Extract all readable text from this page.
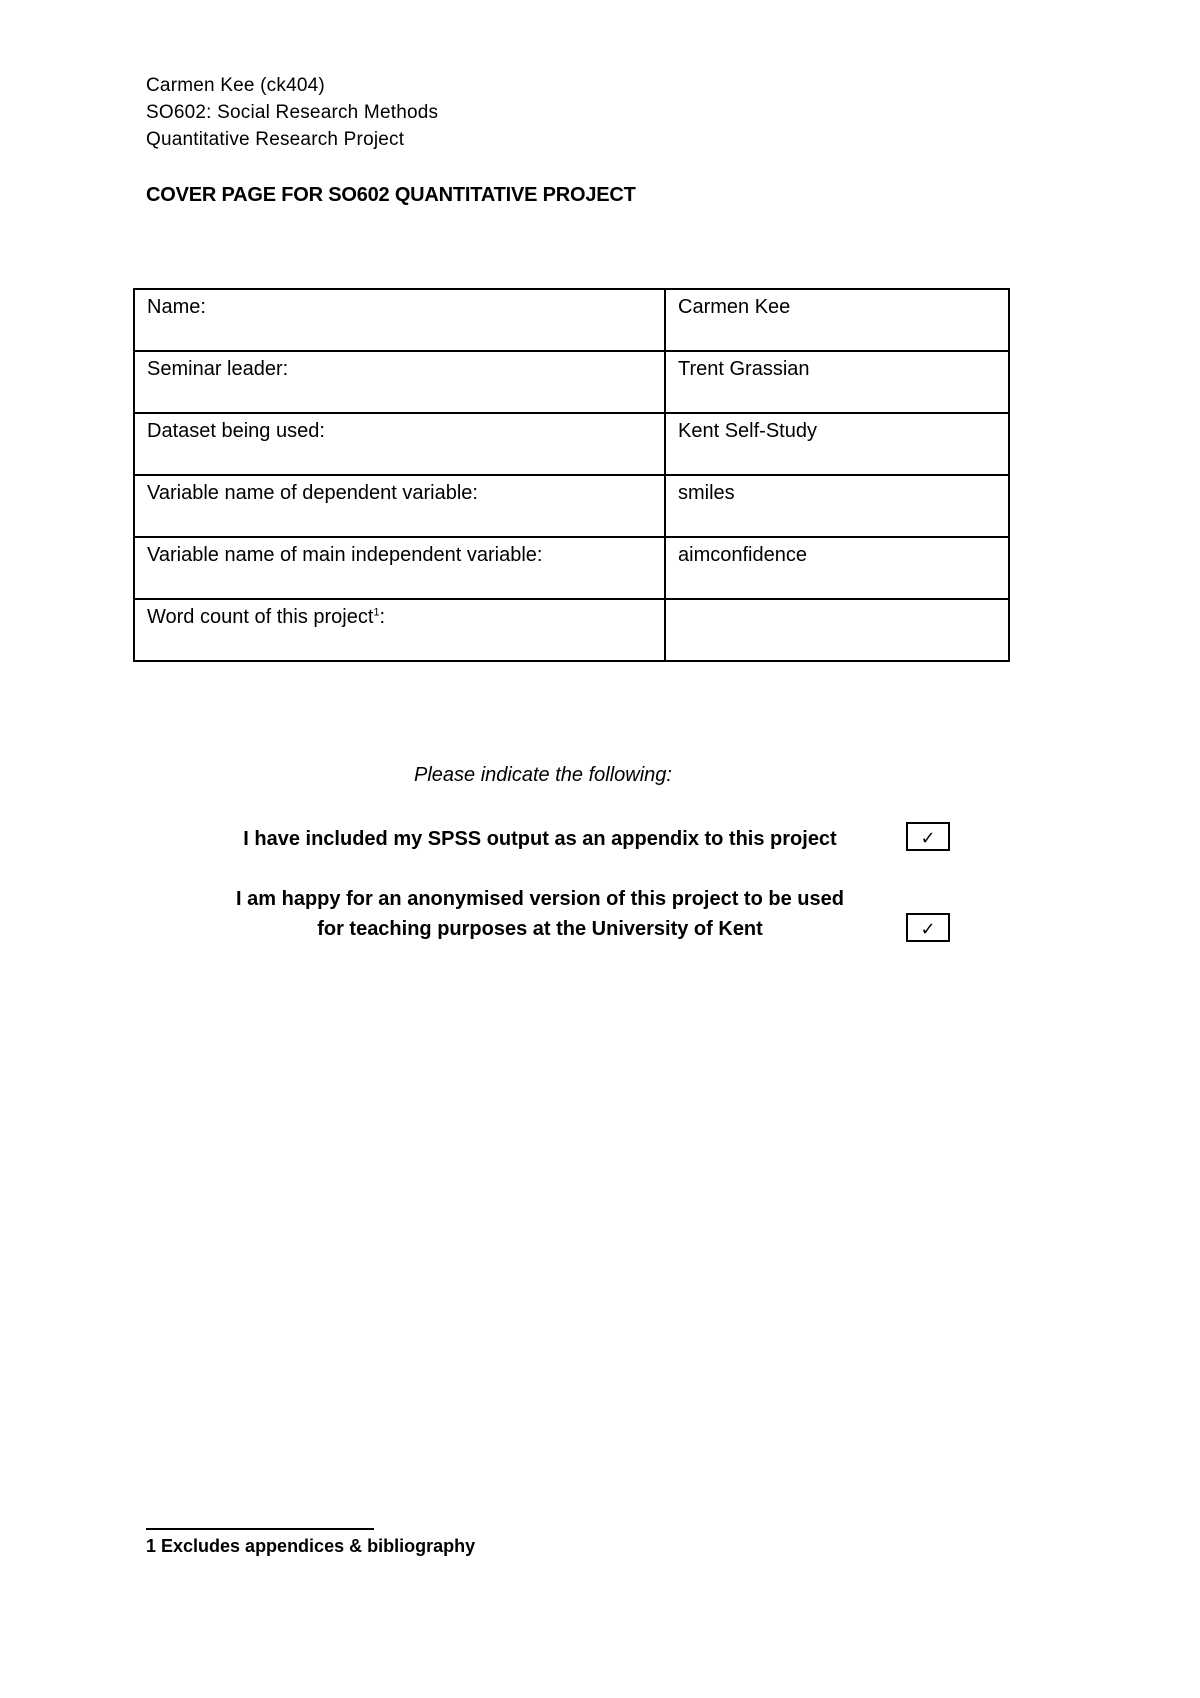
Carmen Kee (ck404)
SO602: Social Research Methods
Quantitative Research Project
COVER PAGE FOR SO602 QUANTITATIVE PROJECT
Name:	Carmen Kee
Seminar leader:	Trent Grassian
Dataset being used:	Kent Self-Study
Variable name of dependent variable:	smiles
Variable name of main independent variable:	aimconfidence
Word count of this project$^1$:	
Please indicate the following:
I have included my SPSS output as an appendix to this project	✓
I am happy for an anonymised version of this project to be used
for teaching purposes at the University of Kent	✓
1 Excludes appendices & bibliography
